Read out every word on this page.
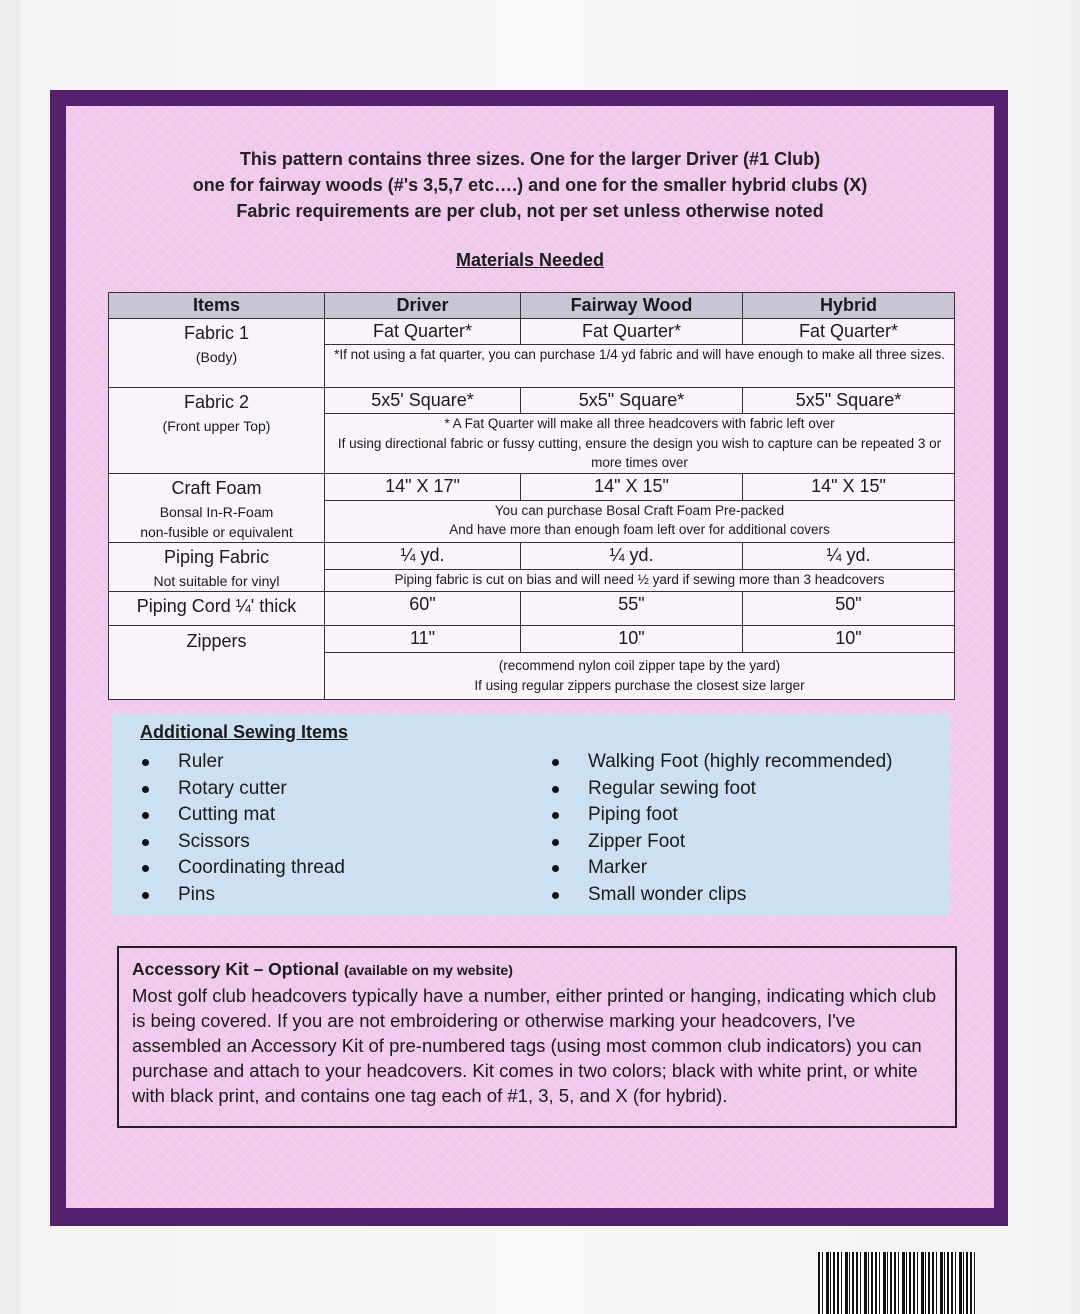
This pattern contains three sizes. One for the larger Driver (#1 Club)
one for fairway woods (#'s 3,5,7 etc….) and one for the smaller hybrid clubs (X)
Fabric requirements are per club, not per set unless otherwise noted
Materials Needed
Items	Driver	Fairway Wood	Hybrid

Fabric 1
(Body)	Fat Quarter*	Fat Quarter*	Fat Quarter*
	*If not using a fat quarter, you can purchase 1/4 yd fabric and will have enough to make all three sizes.		

Fabric 2
(Front upper Top)	5x5' Square*	5x5" Square*	5x5" Square*

	* A Fat Quarter will make all three headcovers with fabric left over
If using directional fabric or fussy cutting, ensure the design you wish to capture can be repeated 3 or more times over		

Craft Foam
Bonsal In-R-Foam
non-fusible or equivalent	14" X 17"	14" X 15"	14" X 15"

	You can purchase Bosal Craft Foam Pre-packed
And have more than enough foam left over for additional covers		

Piping Fabric
Not suitable for vinyl	¼ yd.	¼ yd.	¼ yd.
	Piping fabric is cut on bias and will need ½ yard if sewing more than 3 headcovers		

Piping Cord ¼' thick	60"	55"	50"

Zippers	11"	10"	10"

	(recommend nylon coil zipper tape by the yard)
If using regular zippers purchase the closest size larger		
Additional Sewing Items
Ruler
Rotary cutter
Cutting mat
Scissors
Coordinating thread
Pins
Walking Foot (highly recommended)
Regular sewing foot
Piping foot
Zipper Foot
Marker
Small wonder clips
Accessory Kit – Optional (available on my website)
Most golf club headcovers typically have a number, either printed or hanging, indicating which club is being covered. If you are not embroidering or otherwise marking your headcovers, I've assembled an Accessory Kit of pre-numbered tags (using most common club indicators) you can purchase and attach to your headcovers. Kit comes in two colors; black with white print, or white with black print, and contains one tag each of #1, 3, 5, and X (for hybrid).
